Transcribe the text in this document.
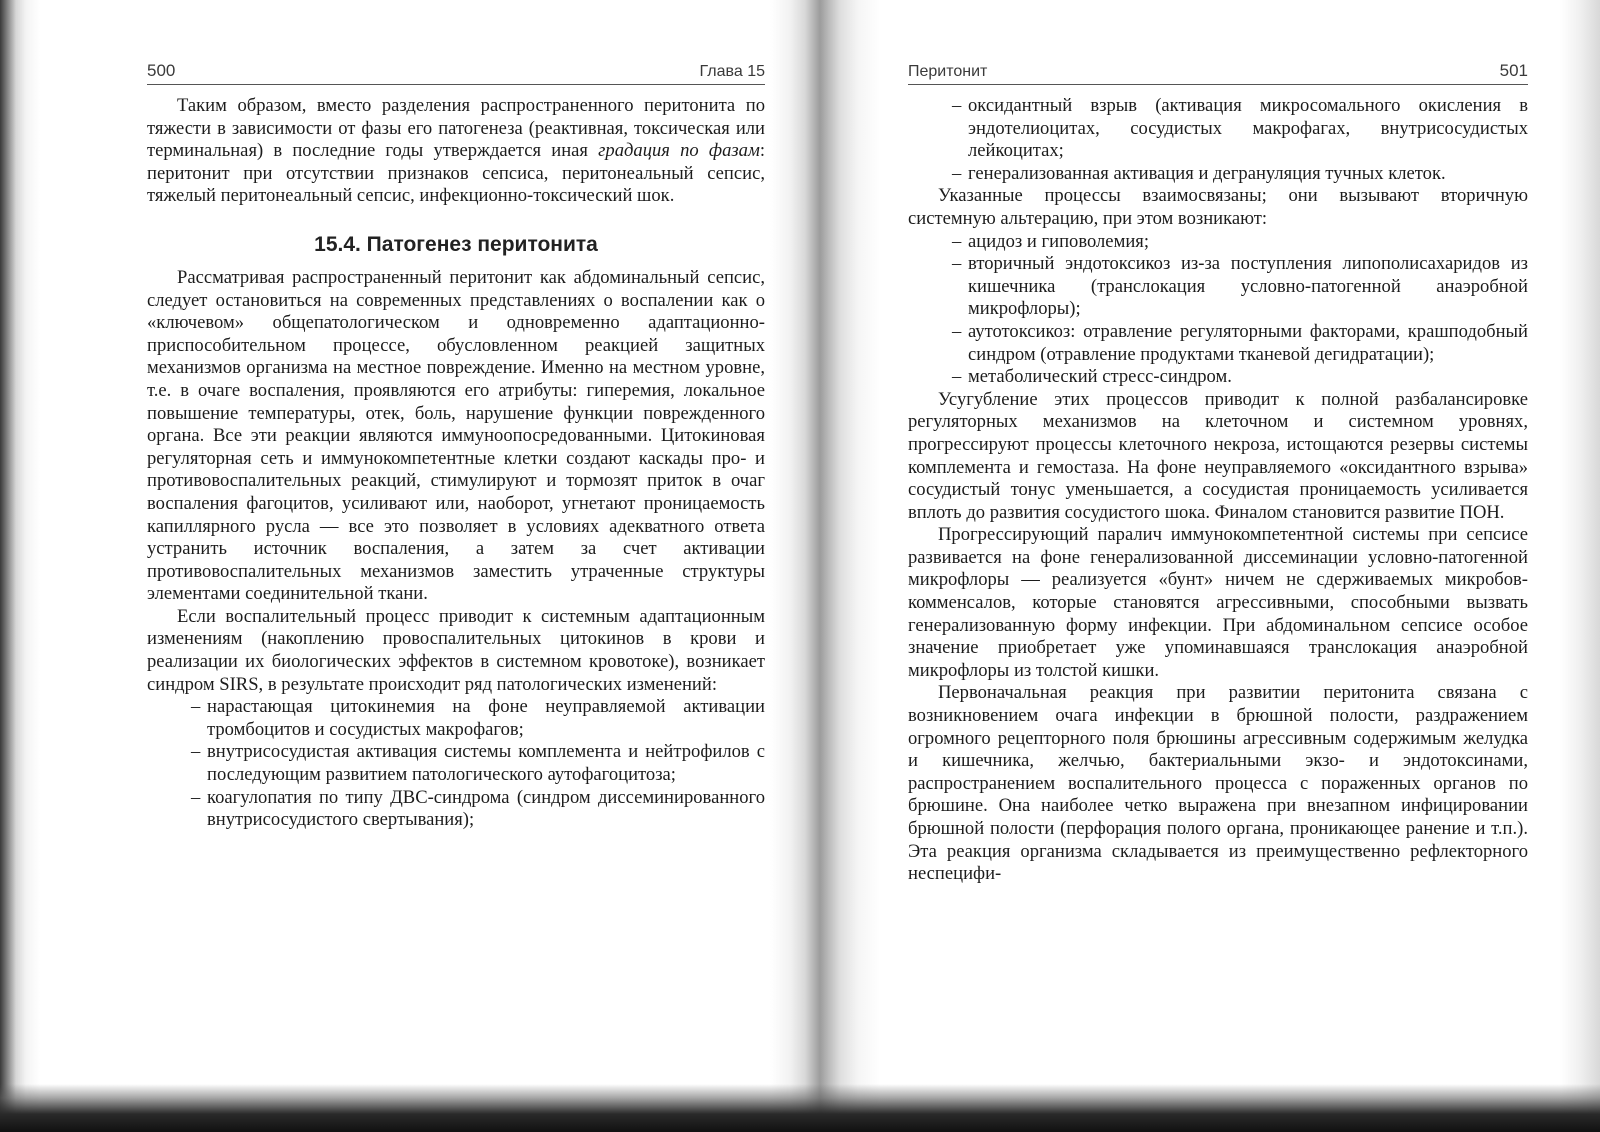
500	Глава 15

Таким образом, вместо разделения распространенного перитонита по тяжести в зависимости от фазы его патогенеза (реактивная, токсическая или терминальная) в последние годы утверждается иная градация по фазам: перитонит при отсутствии признаков сепсиса, перитонеальный сепсис, тяжелый перитонеальный сепсис, инфекционно-токсический шок.

15.4. Патогенез перитонита

Рассматривая распространенный перитонит как абдоминальный сепсис, следует остановиться на современных представлениях о воспалении как о «ключевом» общепатологическом и одновременно адаптационно-приспособительном процессе, обусловленном реакцией защитных механизмов организма на местное повреждение. Именно на местном уровне, т.е. в очаге воспаления, проявляются его атрибуты: гиперемия, локальное повышение температуры, отек, боль, нарушение функции поврежденного органа. Все эти реакции являются иммуноопосредованными. Цитокиновая регуляторная сеть и иммунокомпетентные клетки создают каскады про- и противовоспалительных реакций, стимулируют и тормозят приток в очаг воспаления фагоцитов, усиливают или, наоборот, угнетают проницаемость капиллярного русла — все это позволяет в условиях адекватного ответа устранить источник воспаления, а затем за счет активации противовоспалительных механизмов заместить утраченные структуры элементами соединительной ткани.

Если воспалительный процесс приводит к системным адаптационным изменениям (накоплению провоспалительных цитокинов в крови и реализации их биологических эффектов в системном кровотоке), возникает синдром SIRS, в результате происходит ряд патологических изменений:

– нарастающая цитокинемия на фоне неуправляемой активации тромбоцитов и сосудистых макрофагов;
– внутрисосудистая активация системы комплемента и нейтрофилов с последующим развитием патологического аутофагоцитоза;
– коагулопатия по типу ДВС-синдрома (синдром диссеминированного внутрисосудистого свертывания);
Перитонит	501
– оксидантный взрыв (активация микросомального окисления в эндотелиоцитах, сосудистых макрофагах, внутрисосудистых лейкоцитах;
– генерализованная активация и дегрануляция тучных клеток.

Указанные процессы взаимосвязаны; они вызывают вторичную системную альтерацию, при этом возникают:

– ацидоз и гиповолемия;
– вторичный эндотоксикоз из-за поступления липополисахаридов из кишечника (транслокация условно-патогенной анаэробной микрофлоры);
– аутотоксикоз: отравление регуляторными факторами, крашподобный синдром (отравление продуктами тканевой дегидратации);
– метаболический стресс-синдром.

Усугубление этих процессов приводит к полной разбалансировке регуляторных механизмов на клеточном и системном уровнях, прогрессируют процессы клеточного некроза, истощаются резервы системы комплемента и гемостаза. На фоне неуправляемого «оксидантного взрыва» сосудистый тонус уменьшается, а сосудистая проницаемость усиливается вплоть до развития сосудистого шока. Финалом становится развитие ПОН.

Прогрессирующий паралич иммунокомпетентной системы при сепсисе развивается на фоне генерализованной диссеминации условно-патогенной микрофлоры — реализуется «бунт» ничем не сдерживаемых микробов-комменсалов, которые становятся агрессивными, способными вызвать генерализованную форму инфекции. При абдоминальном сепсисе особое значение приобретает уже упоминавшаяся транслокация анаэробной микрофлоры из толстой кишки.

Первоначальная реакция при развитии перитонита связана с возникновением очага инфекции в брюшной полости, раздражением огромного рецепторного поля брюшины агрессивным содержимым желудка и кишечника, желчью, бактериальными экзо- и эндотоксинами, распространением воспалительного процесса с пораженных органов по брюшине. Она наиболее четко выражена при внезапном инфицировании брюшной полости (перфорация полого органа, проникающее ранение и т.п.). Эта реакция организма складывается из преимущественно рефлекторного неспецифи-
